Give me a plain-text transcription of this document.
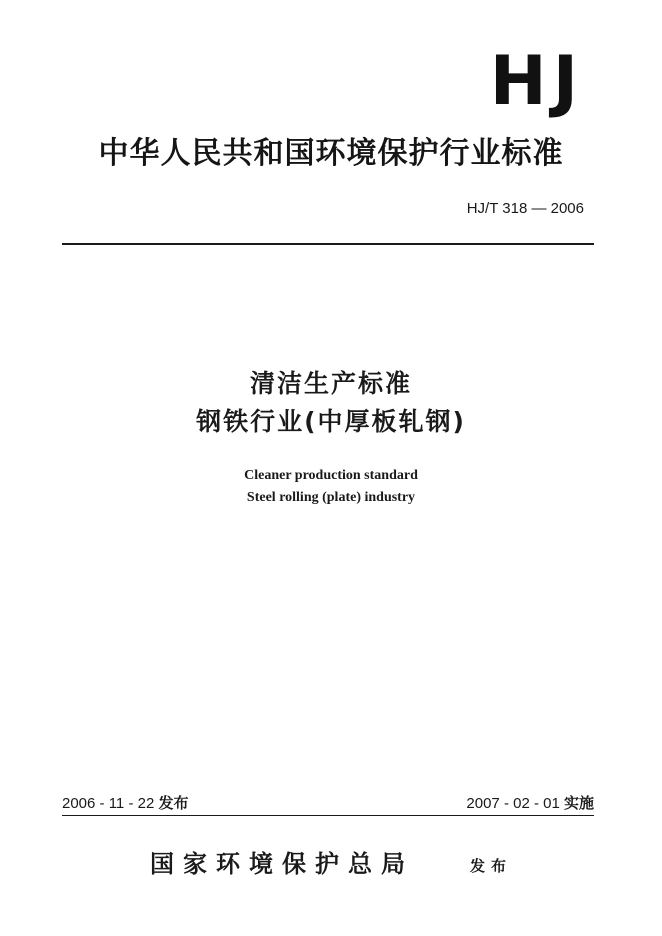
HJ
中华人民共和国环境保护行业标准
HJ/T 318 — 2006
清洁生产标准
钢铁行业(中厚板轧钢)
Cleaner production standard
Steel rolling (plate) industry
2006 - 11 - 22 发布	2007 - 02 - 01 实施
国家环境保护总局	发布
